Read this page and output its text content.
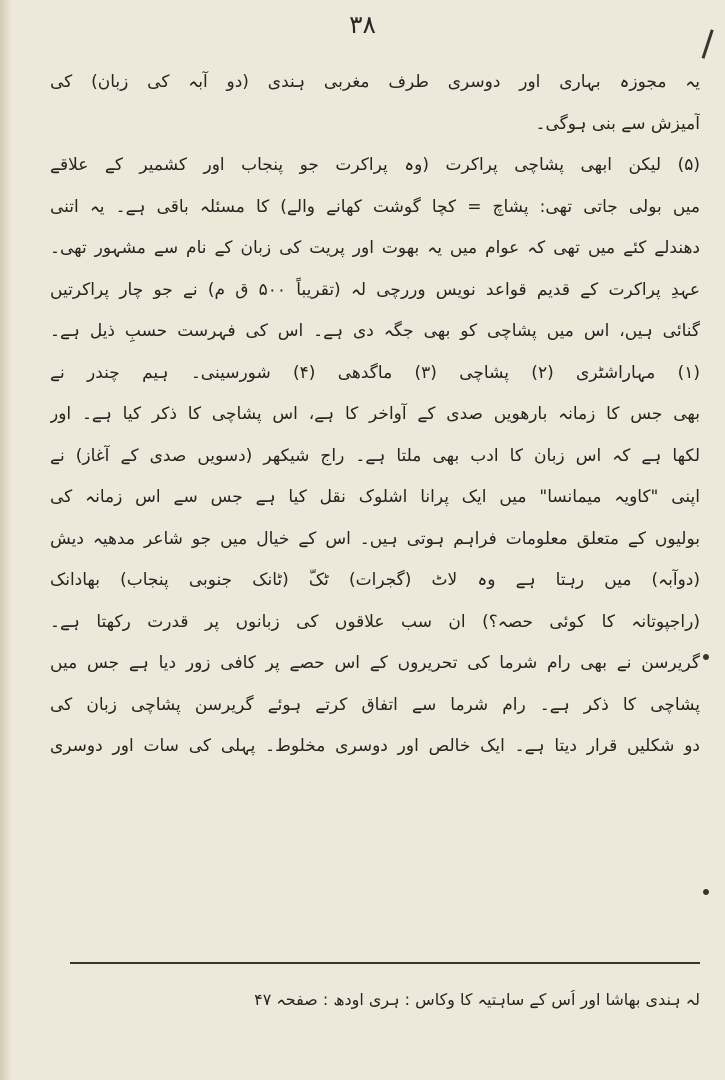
۳۸
یہ مجوزہ بہاری اور دوسری طرف مغربی ہندی (دو آبہ کی زبان) کی
آمیزش سے بنی ہوگی۔
(۵) لیکن ابھی پشاچی پراکرت (وہ پراکرت جو پنجاب اور کشمیر کے علاقے
میں بولی جاتی تھی: پشاچ = کچا گوشت کھانے والے) کا مسئلہ باقی ہے۔ یہ اتنی
دھندلے کئے میں تھی کہ عوام میں یہ بھوت اور پریت کی زبان کے نام سے مشہور تھی۔
عہدِ پراکرت کے قدیم قواعد نویس وررچی لہ (تقریباً ۵۰۰ ق م) نے جو چار پراکرتیں
گنائی ہیں، اس میں پشاچی کو بھی جگہ دی ہے۔ اس کی فہرست حسبِ ذیل ہے۔
(۱) مہاراشٹری (۲) پشاچی (۳) ماگدھی (۴) شورسینی۔ ہیم چندر نے
بھی جس کا زمانہ بارھویں صدی کے آواخر کا ہے، اس پشاچی کا ذکر کیا ہے۔ اور
لکھا ہے کہ اس زبان کا ادب بھی ملتا ہے۔ راج شیکھر (دسویں صدی کے آغاز) نے
اپنی "کاویہ میمانسا" میں ایک پرانا اشلوک نقل کیا ہے جس سے اس زمانہ کی
بولیوں کے متعلق معلومات فراہم ہوتی ہیں۔ اس کے خیال میں جو شاعر مدھیہ دیش
(دوآبہ) میں رہتا ہے وہ لاٹ (گجرات) ٹکّ (ٹانک جنوبی پنجاب) بھادانک
(راجپوتانہ کا کوئی حصہ؟) ان سب علاقوں کی زبانوں پر قدرت رکھتا ہے۔
گریرسن نے بھی رام شرما کی تحریروں کے اس حصے پر کافی زور دیا ہے جس میں
پشاچی کا ذکر ہے۔ رام شرما سے اتفاق کرتے ہوئے گریرسن پشاچی زبان کی
دو شکلیں قرار دیتا ہے۔ ایک خالص اور دوسری مخلوط۔ پہلی کی سات اور دوسری
لہ ہندی بھاشا اور اُس کے ساہتیہ کا وکاس : ہری اودھ : صفحہ ۴۷
